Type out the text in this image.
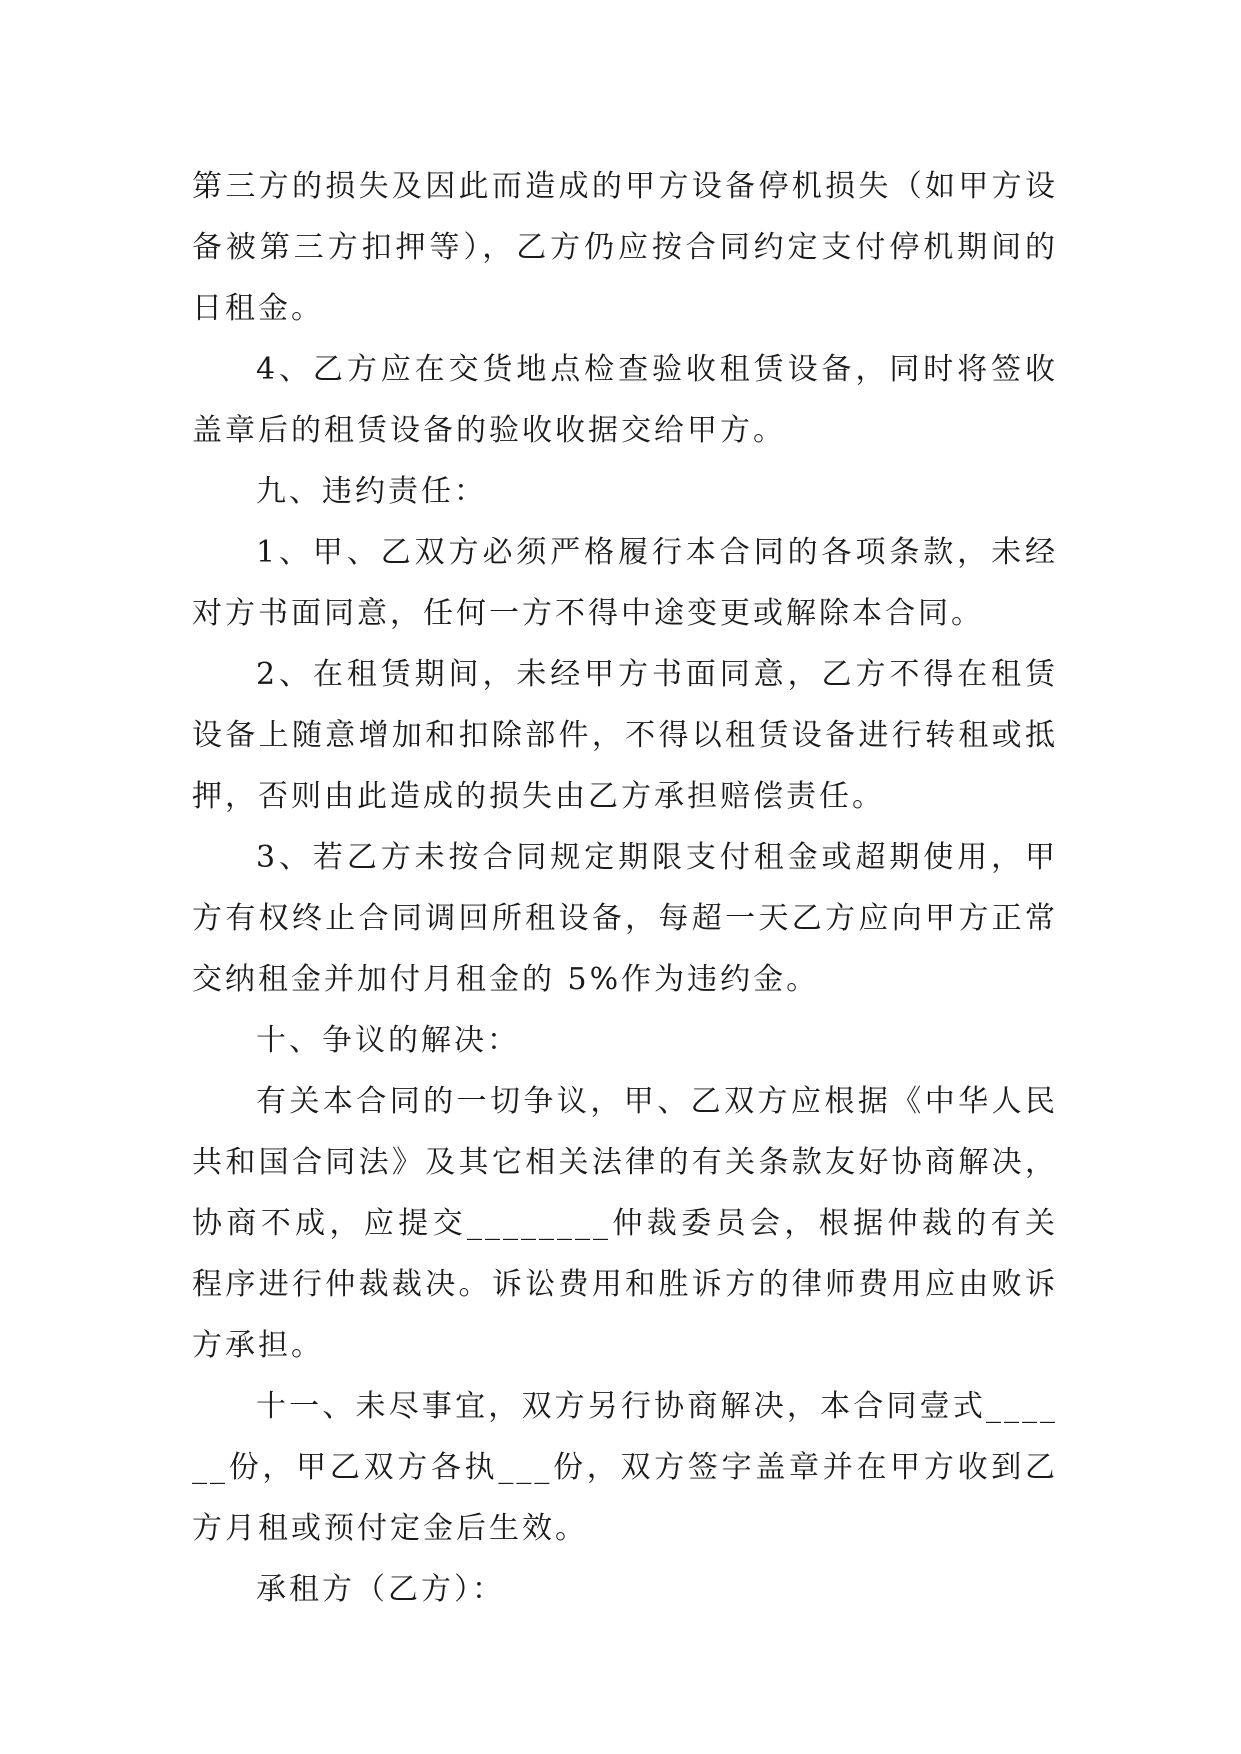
第三方的损失及因此而造成的甲方设备停机损失（如甲方设备被第三方扣押等），乙方仍应按合同约定支付停机期间的日租金。

4、乙方应在交货地点检查验收租赁设备，同时将签收盖章后的租赁设备的验收收据交给甲方。

九、违约责任：

1、甲、乙双方必须严格履行本合同的各项条款，未经对方书面同意，任何一方不得中途变更或解除本合同。

2、在租赁期间，未经甲方书面同意，乙方不得在租赁设备上随意增加和扣除部件，不得以租赁设备进行转租或抵押，否则由此造成的损失由乙方承担赔偿责任。

3、若乙方未按合同规定期限支付租金或超期使用，甲方有权终止合同调回所租设备，每超一天乙方应向甲方正常交纳租金并加付月租金的 5%作为违约金。

十、争议的解决：

有关本合同的一切争议，甲、乙双方应根据《中华人民共和国合同法》及其它相关法律的有关条款友好协商解决，协商不成，应提交________仲裁委员会，根据仲裁的有关程序进行仲裁裁决。诉讼费用和胜诉方的律师费用应由败诉方承担。

十一、未尽事宜，双方另行协商解决，本合同壹式______份，甲乙双方各执___份，双方签字盖章并在甲方收到乙方月租或预付定金后生效。

承租方（乙方）：
